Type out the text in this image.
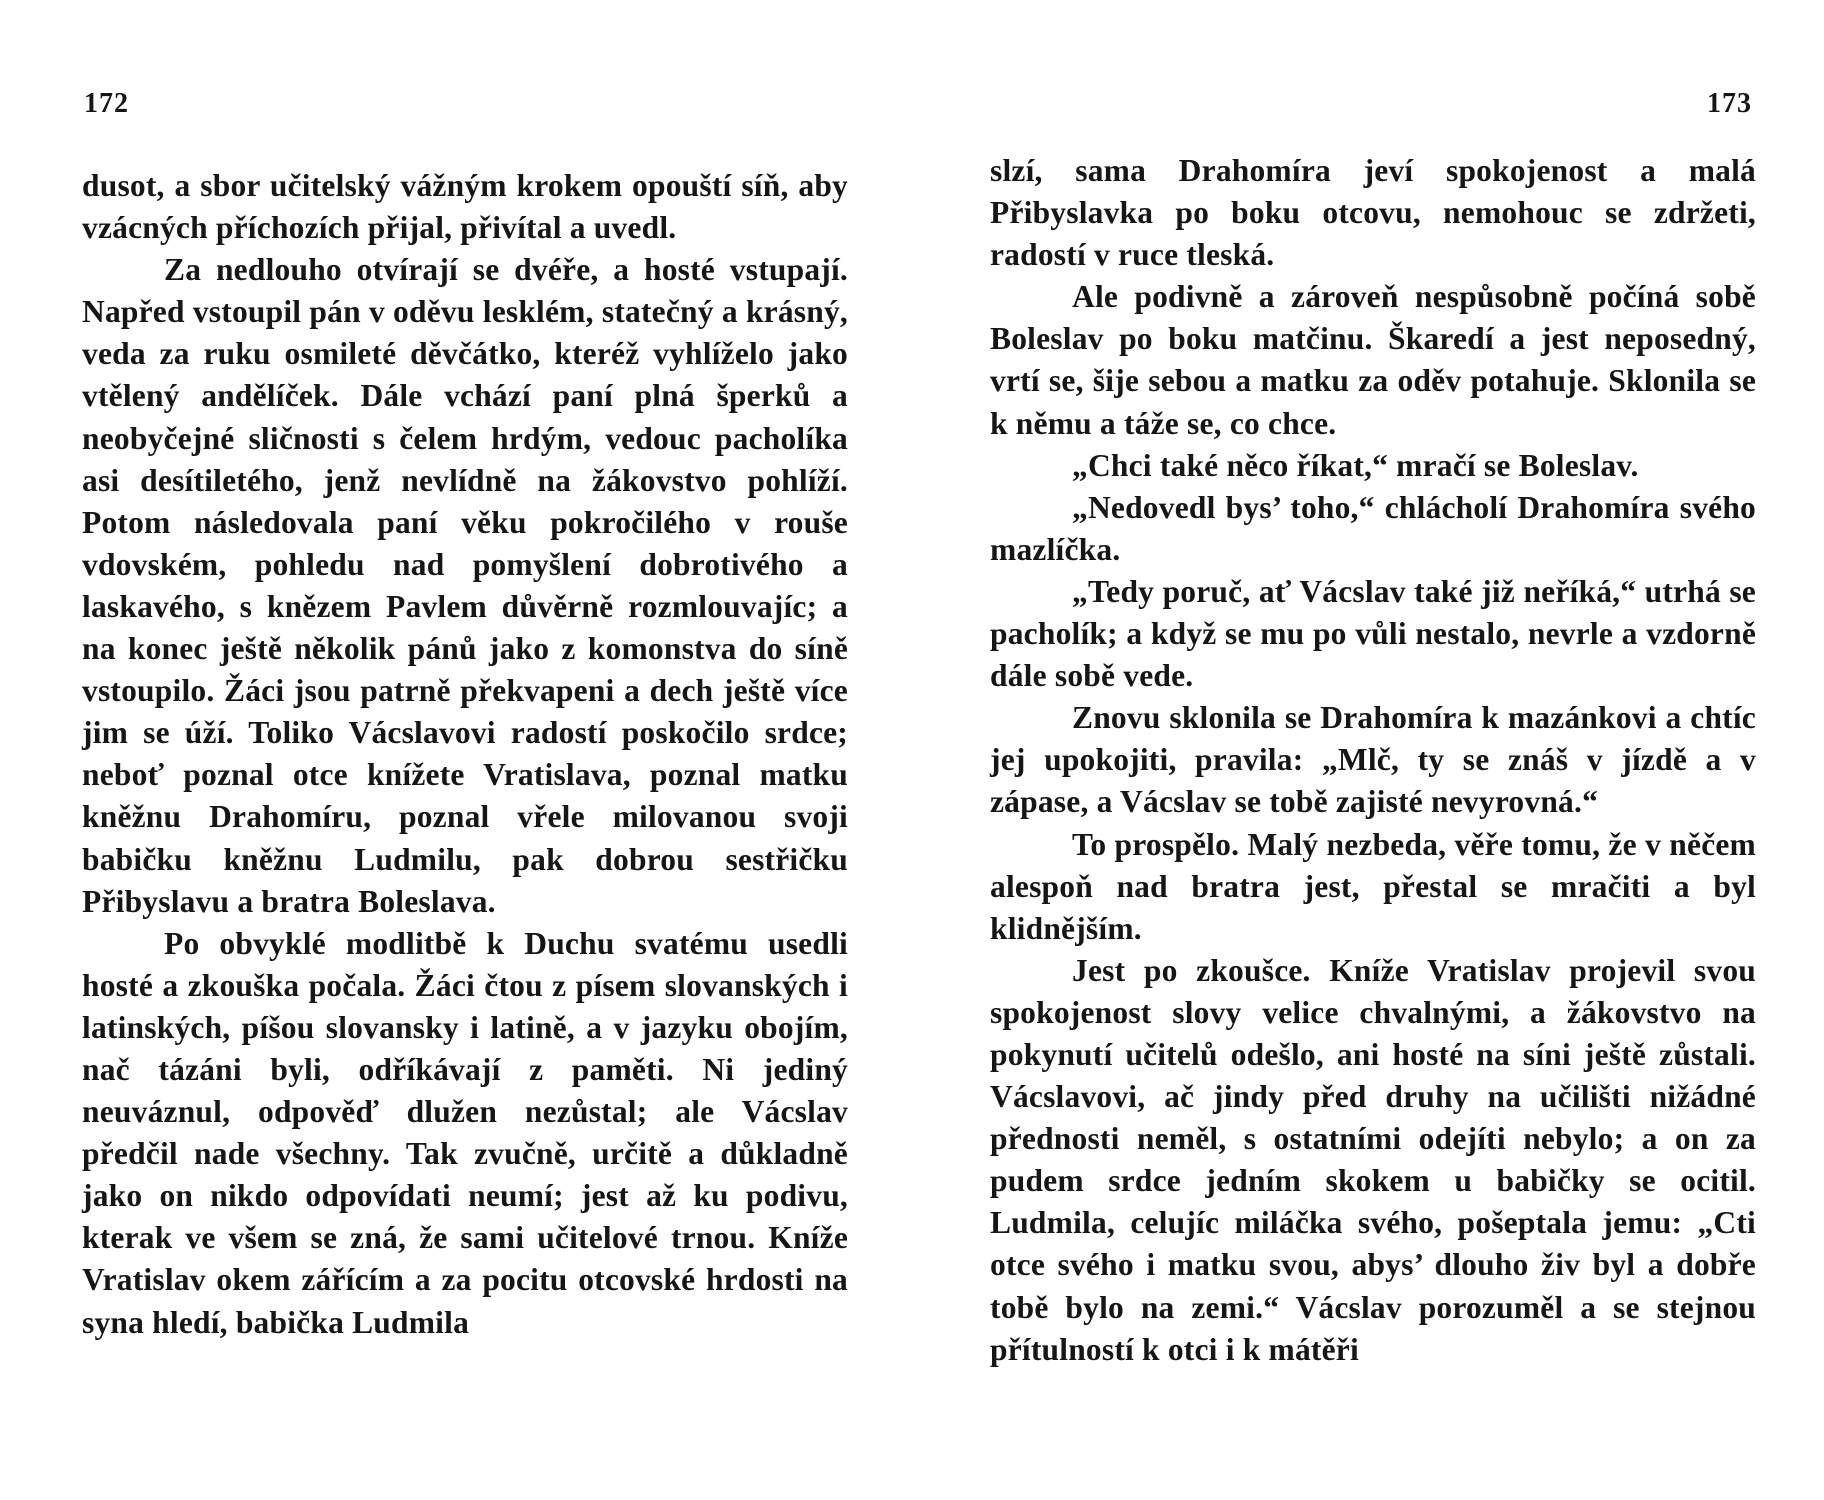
172

dusot, a sbor učitelský vážným krokem opouští síň, aby vzácných příchozích přijal, přivítal a uvedl.

Za nedlouho otvírají se dvéře, a hosté vstupají. Napřed vstoupil pán v oděvu lesklém, statečný a krásný, veda za ruku osmileté děvčátko, kteréž vyhlíželo jako vtělený andělíček. Dále vchází paní plná šperků a neobyčejné sličnosti s čelem hrdým, vedouc pacholíka asi desítiletého, jenž nevlídně na žákovstvo pohlíží. Potom následovala paní věku pokročilého v rouše vdovském, pohledu nad pomyšlení dobrotivého a laskavého, s knězem Pavlem důvěrně rozmlouvajíc; a na konec ještě několik pánů jako z komonstva do síně vstoupilo. Žáci jsou patrně překvapeni a dech ještě více jim se úží. Toliko Vácslavovi radostí poskočilo srdce; neboť poznal otce knížete Vratislava, poznal matku kněžnu Drahomíru, poznal vřele milovanou svoji babičku kněžnu Ludmilu, pak dobrou sestřičku Přibyslavu a bratra Boleslava.

Po obvyklé modlitbě k Duchu svatému usedli hosté a zkouška počala. Žáci čtou z písem slovanských i latinských, píšou slovansky i latině, a v jazyku obojím, nač tázáni byli, odříkávají z paměti. Ni jediný neuváznul, odpověď dlužen nezůstal; ale Vácslav předčil nade všechny. Tak zvučně, určitě a důkladně jako on nikdo odpovídati neumí; jest až ku podivu, kterak ve všem se zná, že sami učitelové trnou. Kníže Vratislav okem zářícím a za pocitu otcovské hrdosti na syna hledí, babička Ludmila

173

slzí, sama Drahomíra jeví spokojenost a malá Přibyslavka po boku otcovu, nemohouc se zdržeti, radostí v ruce tleská.

Ale podivně a zároveň nespůsobně počíná sobě Boleslav po boku matčinu. Škaredí a jest neposedný, vrtí se, šije sebou a matku za oděv potahuje. Sklonila se k němu a táže se, co chce.

„Chci také něco říkat,“ mračí se Boleslav.

„Nedovedl bys’ toho,“ chlácholí Drahomíra svého mazlíčka.

„Tedy poruč, ať Vácslav také již neříká,“ utrhá se pacholík; a když se mu po vůli nestalo, nevrle a vzdorně dále sobě vede.

Znovu sklonila se Drahomíra k mazánkovi a chtíc jej upokojiti, pravila: „Mlč, ty se znáš v jízdě a v zápase, a Vácslav se tobě zajisté nevyrovná.“

To prospělo. Malý nezbeda, věře tomu, že v něčem alespoň nad bratra jest, přestal se mračiti a byl klidnějším.

Jest po zkoušce. Kníže Vratislav projevil svou spokojenost slovy velice chvalnými, a žákovstvo na pokynutí učitelů odešlo, ani hosté na síni ještě zůstali. Vácslavovi, ač jindy před druhy na učilišti nižádné přednosti neměl, s ostatními odejíti nebylo; a on za pudem srdce jedním skokem u babičky se ocitil. Ludmila, celujíc miláčka svého, pošeptala jemu: „Cti otce svého i matku svou, abys’ dlouho živ byl a dobře tobě bylo na zemi.“ Vácslav porozuměl a se stejnou přítulností k otci i k mátěři
